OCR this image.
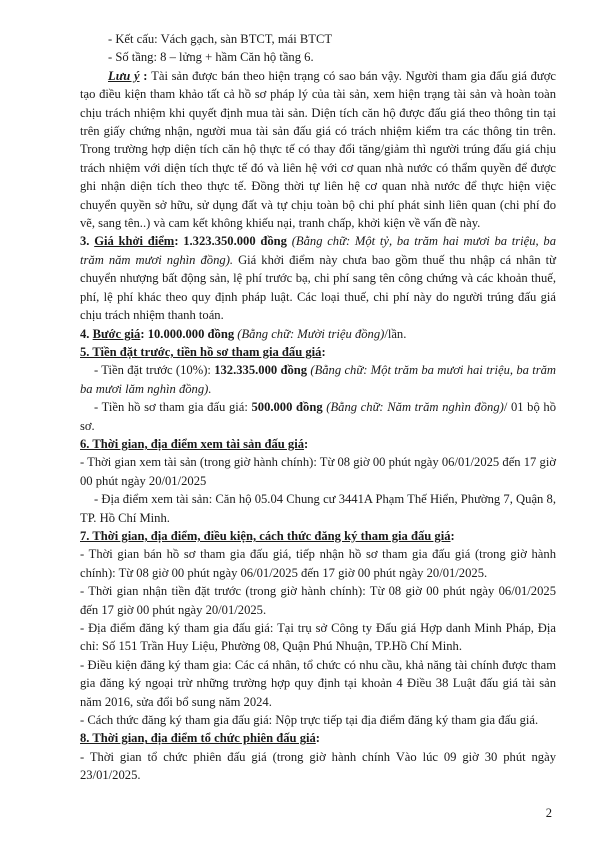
- Kết cấu: Vách gạch, sàn BTCT, mái BTCT

- Số tầng: 8 – lửng + hầm Căn hộ tầng 6.

Lưu ý : Tài sản được bán theo hiện trạng có sao bán vậy. Người tham gia đấu giá được tạo điều kiện tham khảo tất cả hồ sơ pháp lý của tài sản, xem hiện trạng tài sản và hoàn toàn chịu trách nhiệm khi quyết định mua tài sản. Diện tích căn hộ được đấu giá theo thông tin tại trên giấy chứng nhận, người mua tài sản đấu giá có trách nhiệm kiểm tra các thông tin trên. Trong trường hợp diện tích căn hộ thực tế có thay đổi tăng/giảm thì người trúng đấu giá chịu trách nhiệm với diện tích thực tế đó và liên hệ với cơ quan nhà nước có thẩm quyền để được ghi nhận diện tích theo thực tế. Đồng thời tự liên hệ cơ quan nhà nước để thực hiện việc chuyển quyền sở hữu, sử dụng đất và tự chịu toàn bộ chi phí phát sinh liên quan (chi phí đo vẽ, sang tên..) và cam kết không khiếu nại, tranh chấp, khởi kiện về vấn đề này.

3. Giá khởi điểm: 1.323.350.000 đồng (Bằng chữ: Một tỷ, ba trăm hai mươi ba triệu, ba trăm năm mươi nghìn đồng). Giá khởi điểm này chưa bao gồm thuế thu nhập cá nhân từ chuyển nhượng bất động sản, lệ phí trước bạ, chi phí sang tên công chứng và các khoản thuế, phí, lệ phí khác theo quy định pháp luật. Các loại thuế, chi phí này do người trúng đấu giá chịu trách nhiệm thanh toán.

4. Bước giá: 10.000.000 đồng (Bằng chữ: Mười triệu đồng)/lần.

5. Tiền đặt trước, tiền hồ sơ tham gia đấu giá:

- Tiền đặt trước (10%): 132.335.000 đồng (Bằng chữ: Một trăm ba mươi hai triệu, ba trăm ba mươi lăm nghìn đồng).

- Tiền hồ sơ tham gia đấu giá: 500.000 đồng (Bằng chữ: Năm trăm nghìn đồng)/ 01 bộ hồ sơ.

6. Thời gian, địa điểm xem tài sản đấu giá:

- Thời gian xem tài sản (trong giờ hành chính): Từ 08 giờ 00 phút ngày 06/01/2025 đến 17 giờ 00 phút ngày 20/01/2025

- Địa điểm xem tài sản: Căn hộ 05.04 Chung cư 3441A Phạm Thế Hiển, Phường 7, Quận 8, TP. Hồ Chí Minh.

7. Thời gian, địa điểm, điều kiện, cách thức đăng ký tham gia đấu giá:

- Thời gian bán hồ sơ tham gia đấu giá, tiếp nhận hồ sơ tham gia đấu giá (trong giờ hành chính): Từ 08 giờ 00 phút ngày 06/01/2025 đến 17 giờ 00 phút ngày 20/01/2025.

- Thời gian nhận tiền đặt trước (trong giờ hành chính): Từ 08 giờ 00 phút ngày 06/01/2025 đến 17 giờ 00 phút ngày 20/01/2025.

- Địa điểm đăng ký tham gia đấu giá: Tại trụ sở Công ty Đấu giá Hợp danh Minh Pháp, Địa chỉ: Số 151 Trần Huy Liệu, Phường 08, Quận Phú Nhuận, TP.Hồ Chí Minh.

- Điều kiện đăng ký tham gia: Các cá nhân, tổ chức có nhu cầu, khả năng tài chính được tham gia đăng ký ngoại trừ những trường hợp quy định tại khoản 4 Điều 38 Luật đấu giá tài sản năm 2016, sửa đổi bổ sung năm 2024.

- Cách thức đăng ký tham gia đấu giá: Nộp trực tiếp tại địa điểm đăng ký tham gia đấu giá.

8. Thời gian, địa điểm tổ chức phiên đấu giá:

- Thời gian tổ chức phiên đấu giá (trong giờ hành chính Vào lúc 09 giờ 30 phút ngày 23/01/2025.

2
